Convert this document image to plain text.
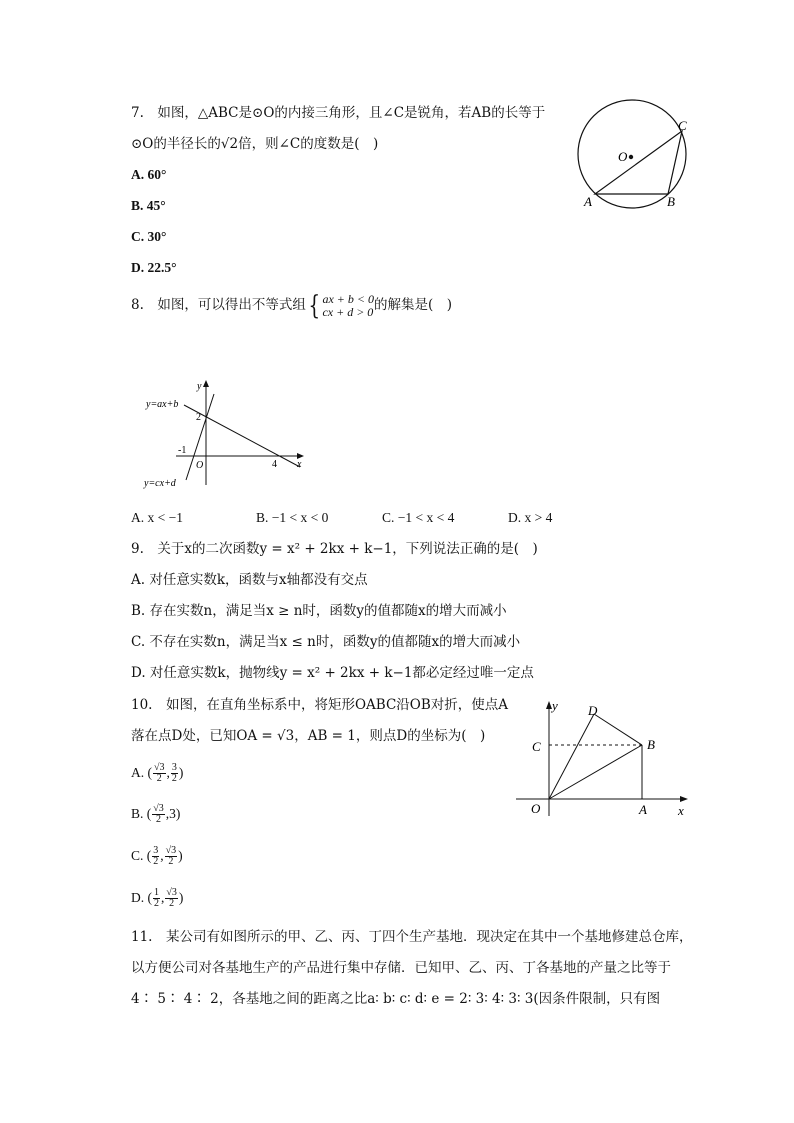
7.　如图，△ABC是⊙O的内接三角形，且∠C是锐角，若AB的长等于
⊙O的半径长的√2倍，则∠C的度数是(　)
A. 60°
B. 45°
C. 30°
D. 22.5°
O
A	B
C
8.　如图，可以得出不等式组{ ax + b < 0
cx + d > 0 的解集是(　)
y=ax+b
y=cx+d
y
x
O
2
-1
4
A. x < −1	B. −1 < x < 0	C. −1 < x < 4	D. x > 4
9.　关于x的二次函数y = x² + 2kx + k−1，下列说法正确的是(　)
A. 对任意实数k，函数与x轴都没有交点
B. 存在实数n，满足当x ≥ n时，函数y的值都随x的增大而减小
C. 不存在实数n，满足当x ≤ n时，函数y的值都随x的增大而减小
D. 对任意实数k，抛物线y = x² + 2kx + k−1都必定经过唯一定点
10.　如图，在直角坐标系中，将矩形OABC沿OB对折，使点A
落在点D处，已知OA = √3，AB = 1，则点D的坐标为(　)
A. ( $\frac{√3}{2}$ , $\frac{3}{2}$ )
B. ( $\frac{√3}{2} ,3$)
C. ( $\frac{3}{2}$ , $\frac{√3}{2}$ )
D. ( $\frac{1}{2}$ , $\frac{√3}{2}$ )
y
x
O	A
B
C
D
11.　某公司有如图所示的甲、乙、丙、丁四个生产基地．现决定在其中一个基地修建总仓库，
以方便公司对各基地生产的产品进行集中存储．已知甲、乙、丙、丁各基地的产量之比等于
4∶ 5∶ 4∶ 2，各基地之间的距离之比a∶ b∶ c∶ d∶ e = 2∶ 3∶ 4∶ 3∶ 3(因条件限制，只有图
